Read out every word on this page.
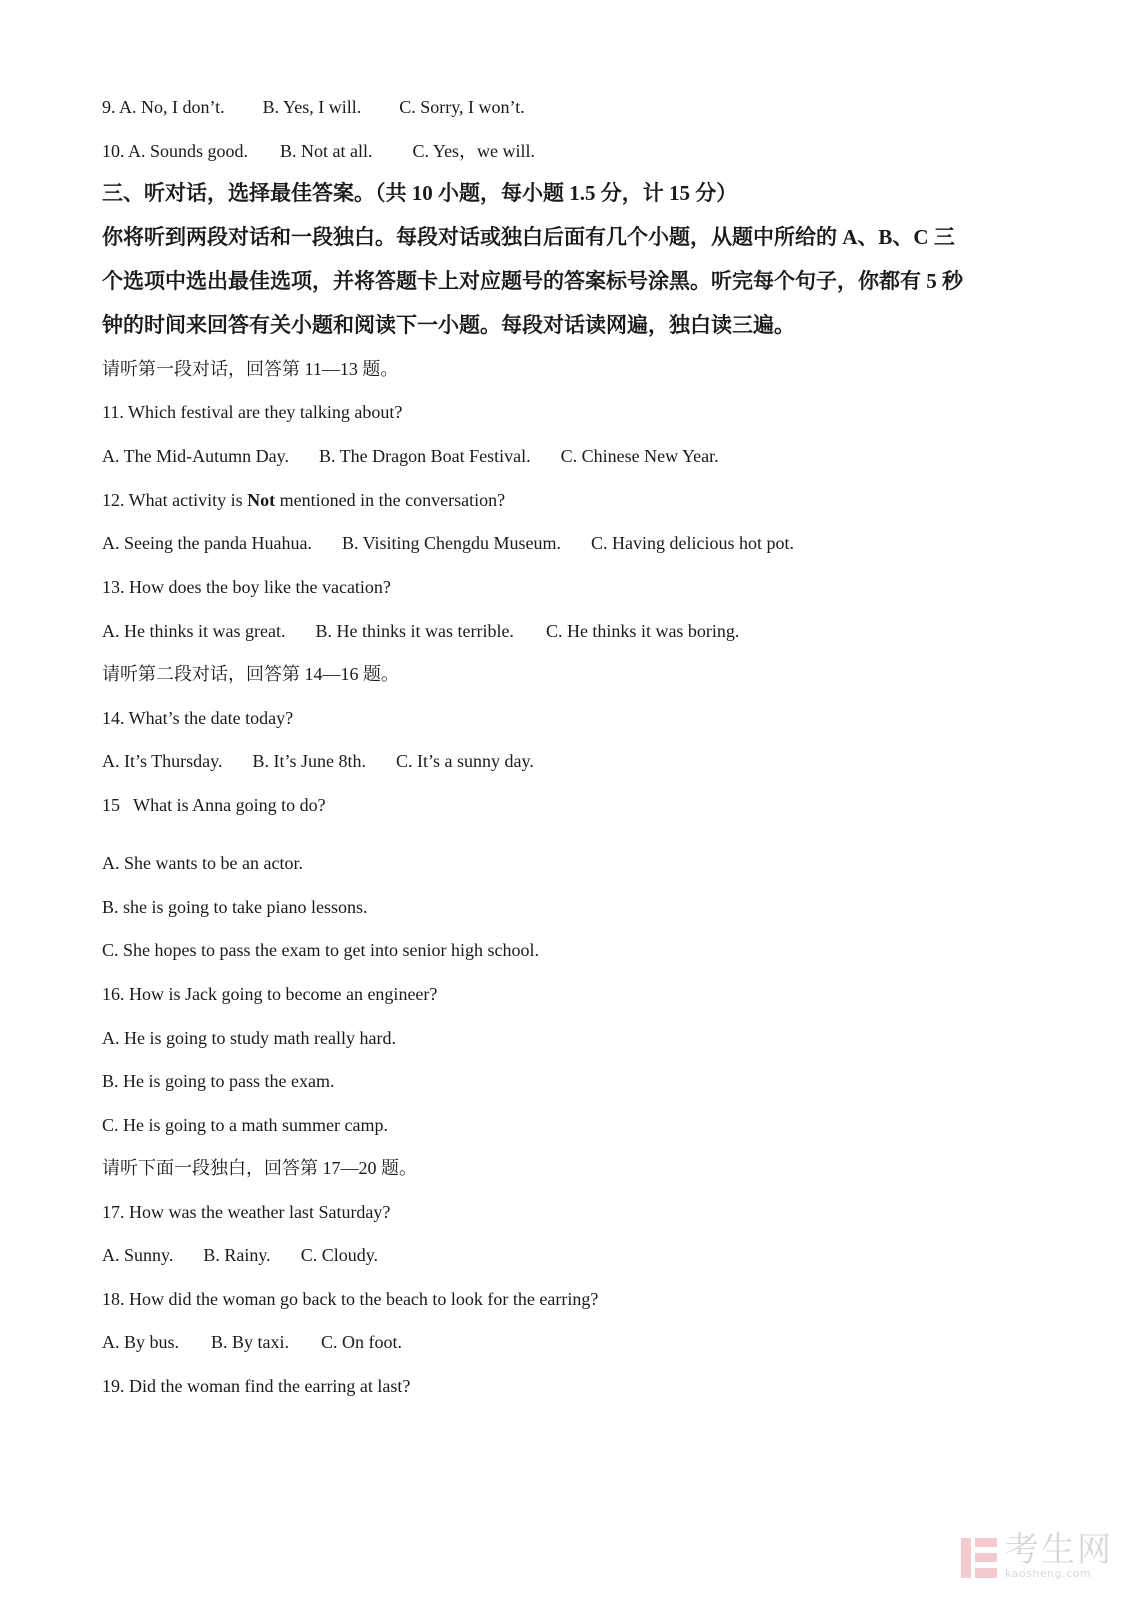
9. A. No, I don’t. B. Yes, I will. C. Sorry, I won’t.
10. A. Sounds good. B. Not at all. C. Yes，we will.
三、听对话，选择最佳答案。（共 10 小题，每小题 1.5 分，计 15 分）
你将听到两段对话和一段独白。每段对话或独白后面有几个小题，从题中所给的 A、B、C 三
个选项中选出最佳选项，并将答题卡上对应题号的答案标号涂黑。听完每个句子，你都有 5 秒
钟的时间来回答有关小题和阅读下一小题。每段对话读网遍，独白读三遍。
请听第一段对话，回答第 11—13 题。
11. Which festival are they talking about?
A. The Mid-Autumn Day. B. The Dragon Boat Festival. C. Chinese New Year.
12. What activity is Not mentioned in the conversation?
A. Seeing the panda Huahua. B. Visiting Chengdu Museum. C. Having delicious hot pot.
13. How does the boy like the vacation?
A. He thinks it was great. B. He thinks it was terrible. C. He thinks it was boring.
请听第二段对话，回答第 14—16 题。
14. What’s the date today?
A. It’s Thursday. B. It’s June 8th. C. It’s a sunny day.
15   What is Anna going to do?
A. She wants to be an actor.
B. she is going to take piano lessons.
C. She hopes to pass the exam to get into senior high school.
16. How is Jack going to become an engineer?
A. He is going to study math really hard.
B. He is going to pass the exam.
C. He is going to a math summer camp.
请听下面一段独白，回答第 17—20 题。
17. How was the weather last Saturday?
A. Sunny. B. Rainy. C. Cloudy.
18. How did the woman go back to the beach to look for the earring?
A. By bus. B. By taxi. C. On foot.
19. Did the woman find the earring at last?
考生网
kaosheng.com
